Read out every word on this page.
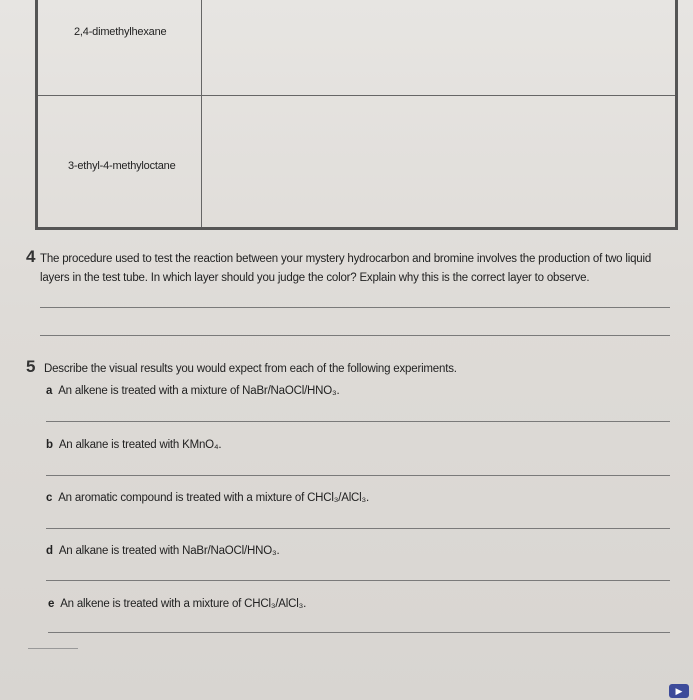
2,4-dimethylhexane
3-ethyl-4-methyloctane
4 The procedure used to test the reaction between your mystery hydrocarbon and bromine involves the production of two liquid
layers in the test tube. In which layer should you judge the color? Explain why this is the correct layer to observe.
5 Describe the visual results you would expect from each of the following experiments.
a An alkene is treated with a mixture of NaBr/NaOCl/HNO₃.
b An alkane is treated with KMnO₄.
c An aromatic compound is treated with a mixture of CHCl₃/AlCl₃.
d An alkane is treated with NaBr/NaOCl/HNO₃.
e An alkene is treated with a mixture of CHCl₃/AlCl₃.
▶
